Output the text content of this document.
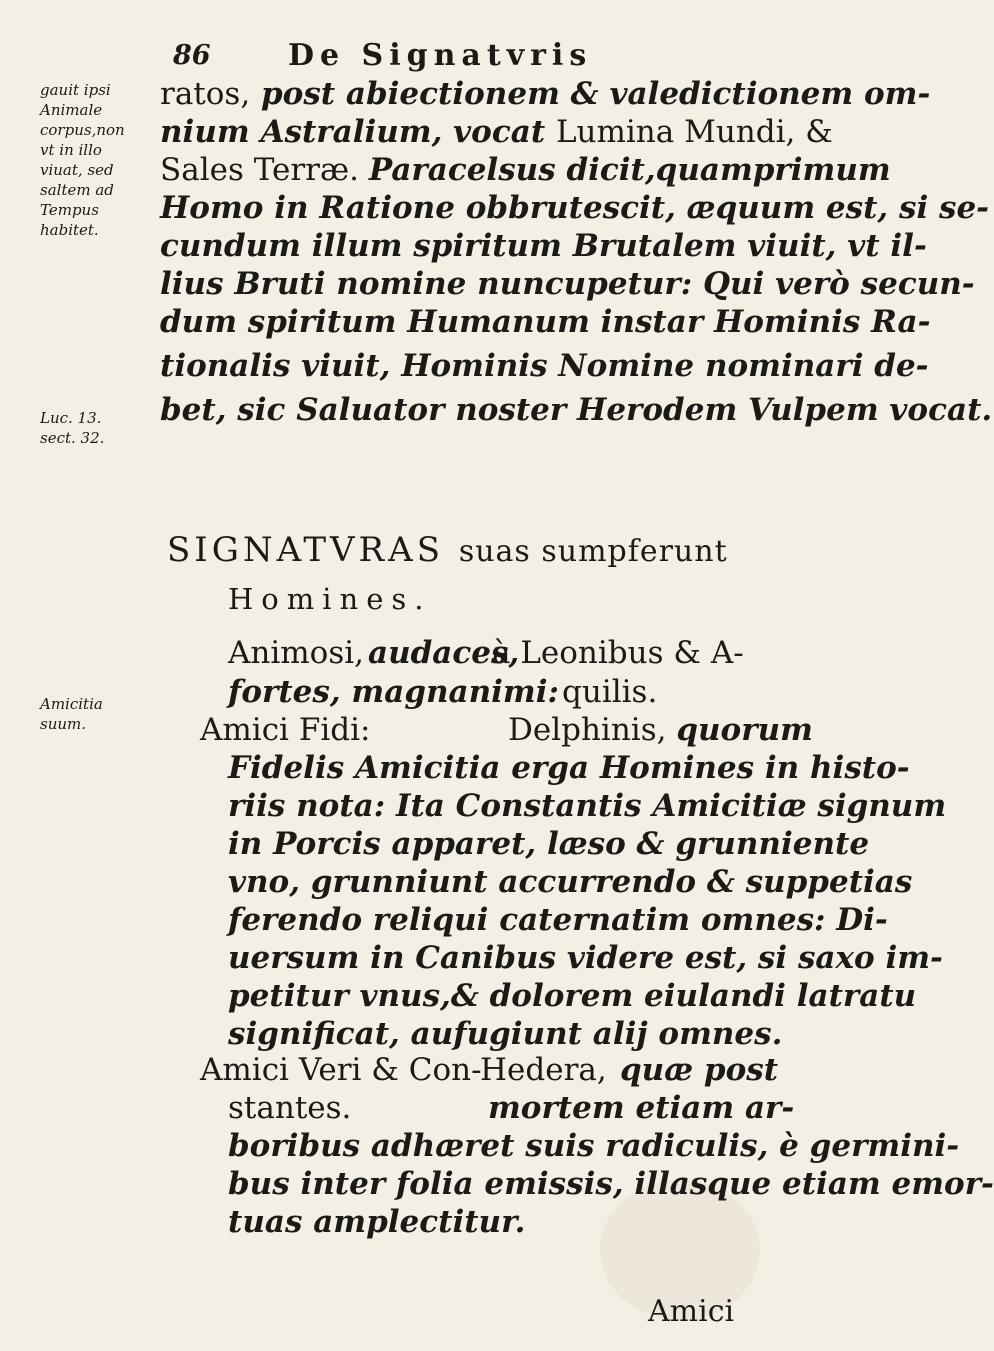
86	De Signatvris
gauit ipsi
Animale
corpus,non
vt in illo
viuat, sed
saltem ad
Tempus
habitet.
Luc. 13.
sect. 32.
Amicitia
suum.
ratos, post abiectionem & valedictionem om-
nium Astralium, vocat Lumina Mundi, &
Sales Terræ. Paracelsus dicit,quamprimum
Homo in Ratione obbrutescit, æquum est, si se-
cundum illum spiritum Brutalem viuit, vt il-
lius Bruti nomine nuncupetur: Qui verò secun-
dum spiritum Humanum instar Hominis Ra-
tionalis viuit, Hominis Nomine nominari de-
bet, sic Saluator noster Herodem Vulpem vocat.
SIGNATVRAS suas sumpferunt
Homines.
Animosi, audaces,
à Leonibus & A-
fortes, magnanimi: quilis.
Amici Fidi:	Delphinis, quorum
Fidelis Amicitia erga Homines in histo-
riis nota: Ita Constantis Amicitiæ signum
in Porcis apparet, læso & grunniente
vno, grunniunt accurrendo & suppetias
ferendo reliqui caternatim omnes: Di-
uersum in Canibus videre est, si saxo im-
petitur vnus,& dolorem eiulandi latratu
significat, aufugiunt alij omnes.
Amici Veri & Con-
Hedera, quæ post
stantes.	mortem etiam ar-
boribus adhæret suis radiculis, è germini-
bus inter folia emissis, illasque etiam emor-
tuas amplectitur.
Amici
